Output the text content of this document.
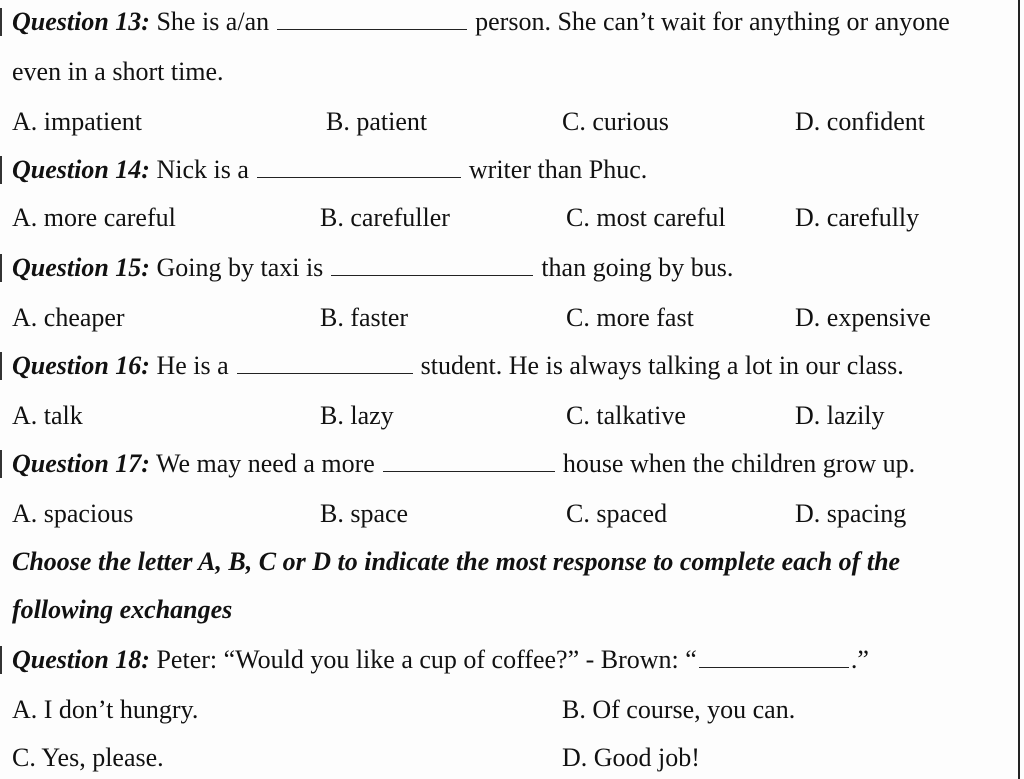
Question 13: She is a/an	person. She can’t wait for anything or anyone
even in a short time.
A. impatient	B. patient	C. curious	D. confident
Question 14: Nick is a	writer than Phuc.
A. more careful	B. carefuller	C. most careful	D. carefully
Question 15: Going by taxi is	than going by bus.
A. cheaper	B. faster	C. more fast	D. expensive
Question 16: He is a	student. He is always talking a lot in our class.
A. talk	B. lazy	C. talkative	D. lazily
Question 17: We may need a more	house when the children grow up.
A. spacious	B. space	C. spaced	D. spacing
Choose the letter A, B, C or D to indicate the most response to complete each of the
following exchanges
Question 18: Peter: “Would you like a cup of coffee?” - Brown: “	.”
A. I don’t hungry.	B. Of course, you can.
C. Yes, please.	D. Good job!
